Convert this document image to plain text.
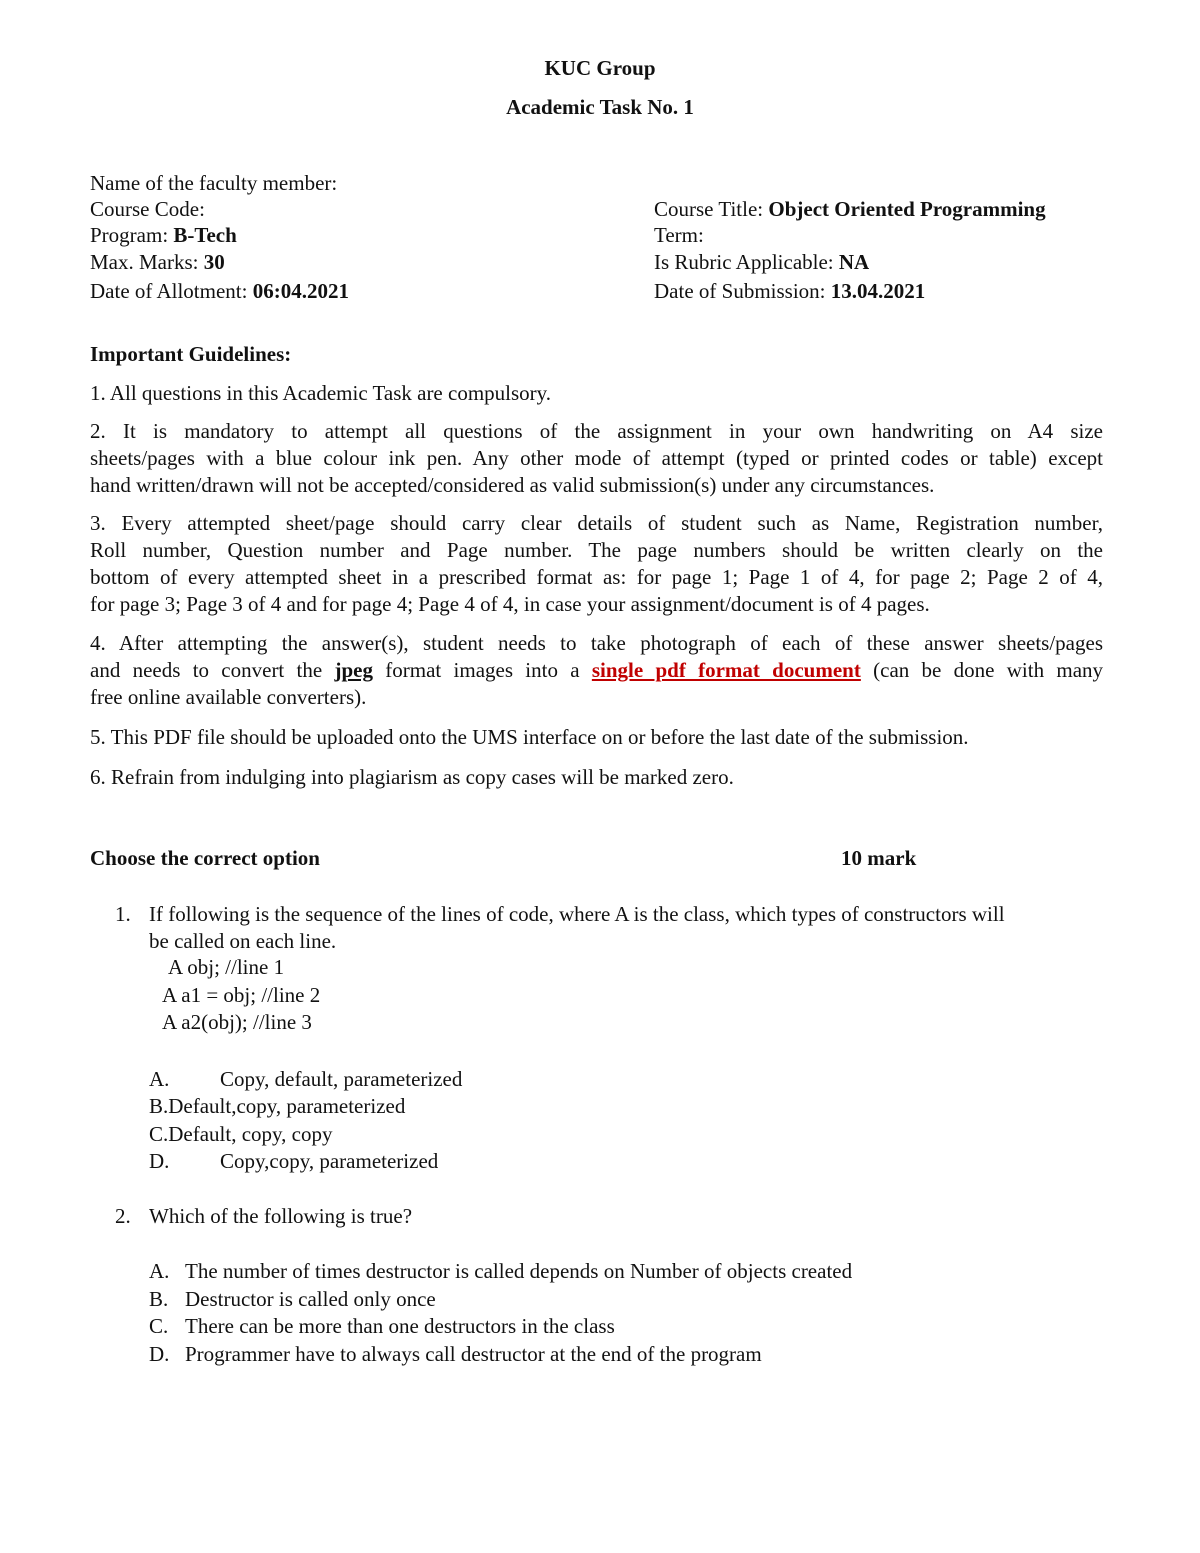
KUC Group
Academic Task No. 1
Name of the faculty member:
Course Code:
Program: B-Tech
Max. Marks: 30
Date of Allotment: 06:04.2021
Course Title: Object Oriented Programming
Term:
Is Rubric Applicable: NA
Date of Submission: 13.04.2021
Important Guidelines:
1. All questions in this Academic Task are compulsory.
2. It is mandatory to attempt all questions of the assignment in your own handwriting on A4 size
sheets/pages with a blue colour ink pen. Any other mode of attempt (typed or printed codes or table) except
hand written/drawn will not be accepted/considered as valid submission(s) under any circumstances.
3. Every attempted sheet/page should carry clear details of student such as Name, Registration number,
Roll number, Question number and Page number. The page numbers should be written clearly on the
bottom of every attempted sheet in a prescribed format as: for page 1; Page 1 of 4, for page 2; Page 2 of 4,
for page 3; Page 3 of 4 and for page 4; Page 4 of 4, in case your assignment/document is of 4 pages.
4. After attempting the answer(s), student needs to take photograph of each of these answer sheets/pages
and needs to convert the jpeg format images into a single pdf format document (can be done with many
free online available converters).
5. This PDF file should be uploaded onto the UMS interface on or before the last date of the submission.
6. Refrain from indulging into plagiarism as copy cases will be marked zero.
Choose the correct option	10 mark
1. If following is the sequence of the lines of code, where A is the class, which types of constructors will
be called on each line.
A obj; //line 1
A a1 = obj; //line 2
A a2(obj); //line 3
A. Copy, default, parameterized
B.Default,copy, parameterized
C.Default, copy, copy
D. Copy,copy, parameterized
2. Which of the following is true?
A. The number of times destructor is called depends on Number of objects created
B. Destructor is called only once
C. There can be more than one destructors in the class
D. Programmer have to always call destructor at the end of the program
